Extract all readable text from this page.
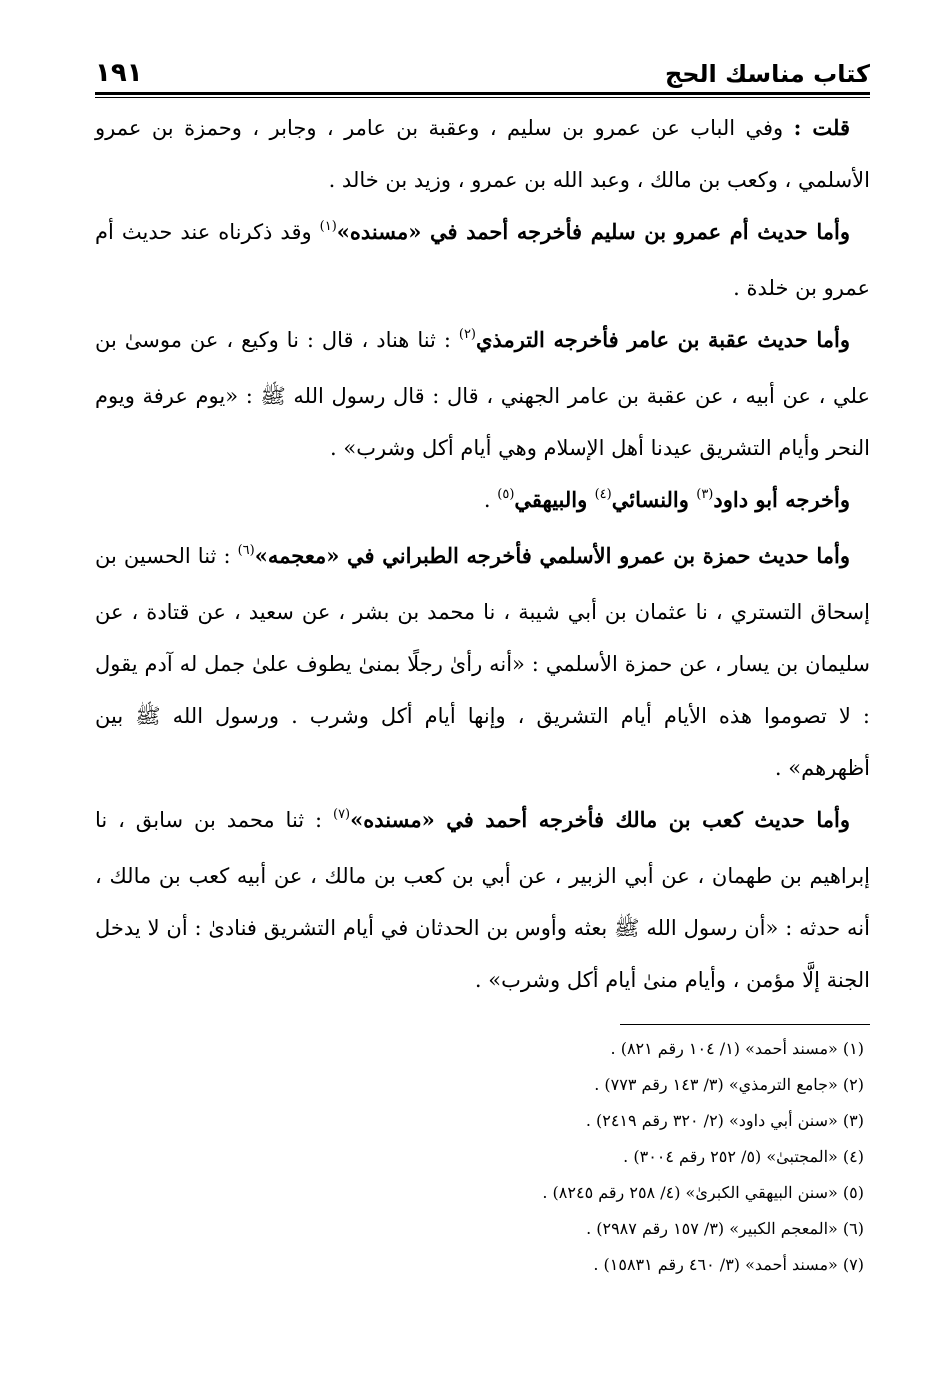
كتاب مناسك الحج
١٩١

قلت : وفي الباب عن عمرو بن سليم ، وعقبة بن عامر ، وجابر ، وحمزة بن عمرو الأسلمي ، وكعب بن مالك ، وعبد الله بن عمرو ، وزيد بن خالد .

وأما حديث أم عمرو بن سليم فأخرجه أحمد في «مسنده»$^{(١)}$ وقد ذكرناه عند حديث أم عمرو بن خلدة .

وأما حديث عقبة بن عامر فأخرجه الترمذي$^{(٢)}$ : ثنا هناد ، قال : نا وكيع ، عن موسىٰ بن علي ، عن أبيه ، عن عقبة بن عامر الجهني ، قال : قال رسول الله ﷺ : «يوم عرفة ويوم النحر وأيام التشريق عيدنا أهل الإسلام وهي أيام أكل وشرب» .

وأخرجه أبو داود$^{(٣)}$ والنسائي$^{(٤)}$ والبيهقي$^{(٥)}$ .

وأما حديث حمزة بن عمرو الأسلمي فأخرجه الطبراني في «معجمه»$^{(٦)}$ : ثنا الحسين بن إسحاق التستري ، نا عثمان بن أبي شيبة ، نا محمد بن بشر ، عن سعيد ، عن قتادة ، عن سليمان بن يسار ، عن حمزة الأسلمي : «أنه رأىٰ رجلًا بمنىٰ يطوف علىٰ جمل له آدم يقول : لا تصوموا هذه الأيام أيام التشريق ، وإنها أيام أكل وشرب . ورسول الله ﷺ بين أظهرهم» .

وأما حديث كعب بن مالك فأخرجه أحمد في «مسنده»$^{(٧)}$ : ثنا محمد بن سابق ، نا إبراهيم بن طهمان ، عن أبي الزبير ، عن أبي بن كعب بن مالك ، عن أبيه كعب بن مالك ، أنه حدثه : «أن رسول الله ﷺ بعثه وأوس بن الحدثان في أيام التشريق فنادىٰ : أن لا يدخل الجنة إلَّا مؤمن ، وأيام منىٰ أيام أكل وشرب» .

(١) «مسند أحمد» (١/ ١٠٤ رقم ٨٢١) .
(٢) «جامع الترمذي» (٣/ ١٤٣ رقم ٧٧٣) .
(٣) «سنن أبي داود» (٢/ ٣٢٠ رقم ٢٤١٩) .
(٤) «المجتبىٰ» (٥/ ٢٥٢ رقم ٣٠٠٤) .
(٥) «سنن البيهقي الكبرىٰ» (٤/ ٢٥٨ رقم ٨٢٤٥) .
(٦) «المعجم الكبير» (٣/ ١٥٧ رقم ٢٩٨٧) .
(٧) «مسند أحمد» (٣/ ٤٦٠ رقم ١٥٨٣١) .
